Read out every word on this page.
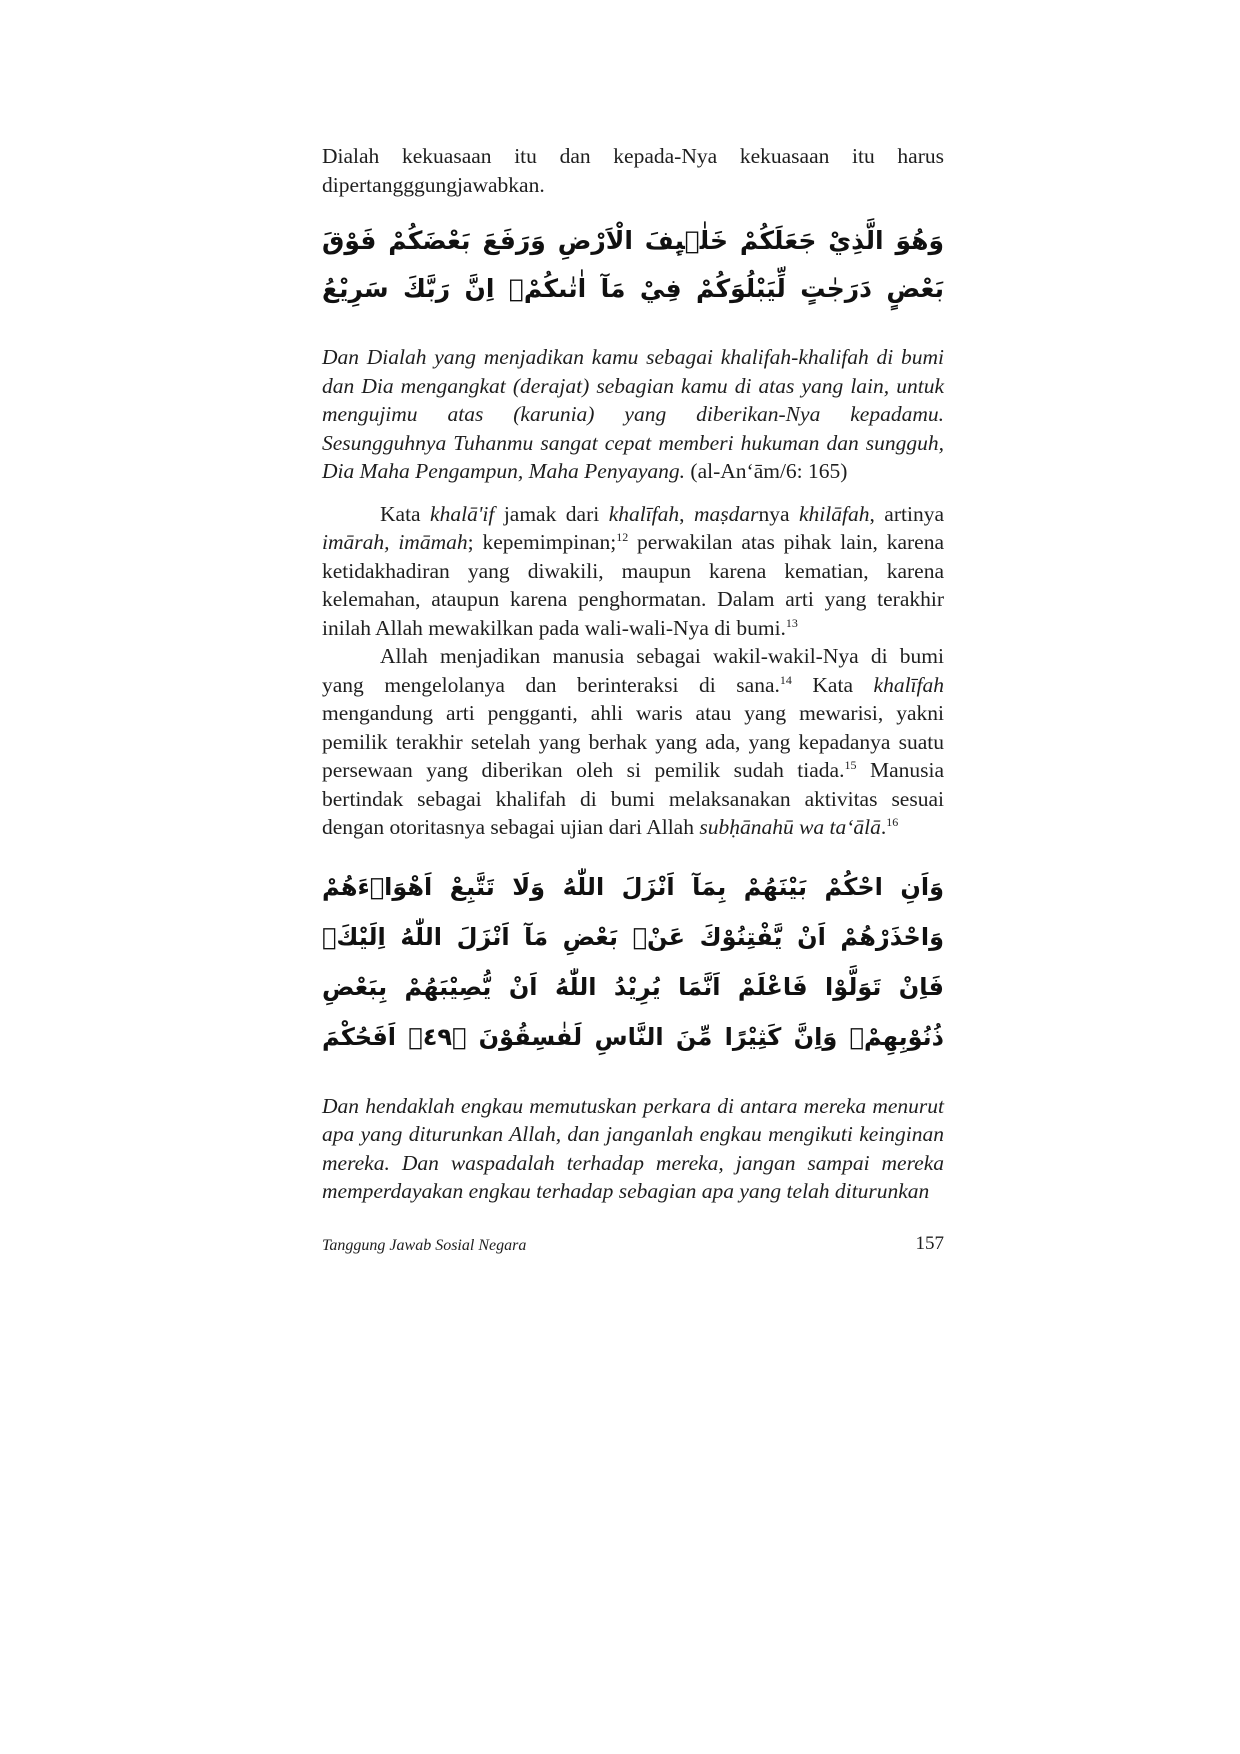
Dialah kekuasaan itu dan kepada-Nya kekuasaan itu harus dipertangggungjawabkan.

وَهُوَ الَّذِيْ جَعَلَكُمْ خَلٰۤىِٕفَ الْاَرْضِ وَرَفَعَ بَعْضَكُمْ فَوْقَ بَعْضٍ دَرَجٰتٍ لِّيَبْلُوَكُمْ فِيْ مَآ اٰتٰىكُمْۗ اِنَّ رَبَّكَ سَرِيْعُ

Dan Dialah yang menjadikan kamu sebagai khalifah-khalifah di bumi dan Dia mengangkat (derajat) sebagian kamu di atas yang lain, untuk mengujimu atas (karunia) yang diberikan-Nya kepadamu. Sesungguhnya Tuhanmu sangat cepat memberi hukuman dan sungguh, Dia Maha Pengampun, Maha Penyayang. (al-An‘ām/6: 165)

Kata khalā'if jamak dari khalīfah, maṣdarnya khilāfah, artinya imārah, imāmah; kepemimpinan;$^{12}$ perwakilan atas pihak lain, karena ketidakhadiran yang diwakili, maupun karena kematian, karena kelemahan, ataupun karena penghormatan. Dalam arti yang terakhir inilah Allah mewakilkan pada wali-wali-Nya di bumi.$^{13}$

Allah menjadikan manusia sebagai wakil-wakil-Nya di bumi yang mengelolanya dan berinteraksi di sana.$^{14}$ Kata khalīfah mengandung arti pengganti, ahli waris atau yang mewarisi, yakni pemilik terakhir setelah yang berhak yang ada, yang kepadanya suatu persewaan yang diberikan oleh si pemilik sudah tiada.$^{15}$ Manusia bertindak sebagai khalifah di bumi melaksanakan aktivitas sesuai dengan otoritasnya sebagai ujian dari Allah subḥānahū wa ta‘ālā.$^{16}$

وَاَنِ احْكُمْ بَيْنَهُمْ بِمَآ اَنْزَلَ اللّٰهُ وَلَا تَتَّبِعْ اَهْوَاۤءَهُمْ وَاحْذَرْهُمْ اَنْ يَّفْتِنُوْكَ عَنْۢ بَعْضِ مَآ اَنْزَلَ اللّٰهُ اِلَيْكَۗ فَاِنْ تَوَلَّوْا فَاعْلَمْ اَنَّمَا يُرِيْدُ اللّٰهُ اَنْ يُّصِيْبَهُمْ بِبَعْضِ ذُنُوْبِهِمْۗ وَاِنَّ كَثِيْرًا مِّنَ النَّاسِ لَفٰسِقُوْنَ ﴿٤٩﴾ اَفَحُكْمَ

Dan hendaklah engkau memutuskan perkara di antara mereka menurut apa yang diturunkan Allah, dan janganlah engkau mengikuti keinginan mereka. Dan waspadalah terhadap mereka, jangan sampai mereka memperdayakan engkau terhadap sebagian apa yang telah diturunkan

Tanggung Jawab Sosial Negara	157
